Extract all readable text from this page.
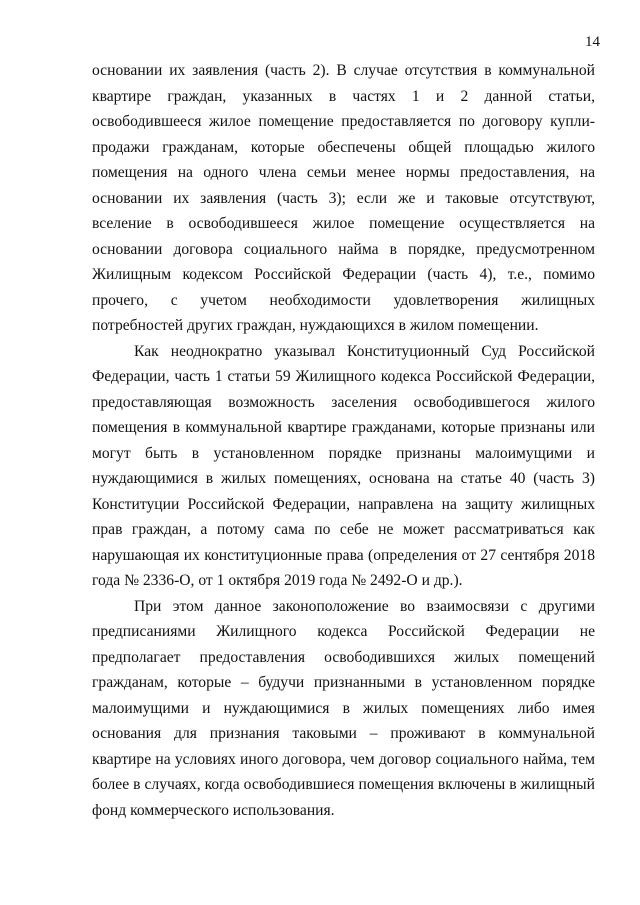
14

основании их заявления (часть 2). В случае отсутствия в коммунальной квартире граждан, указанных в частях 1 и 2 данной статьи, освободившееся жилое помещение предоставляется по договору купли-продажи гражданам, которые обеспечены общей площадью жилого помещения на одного члена семьи менее нормы предоставления, на основании их заявления (часть 3); если же и таковые отсутствуют, вселение в освободившееся жилое помещение осуществляется на основании договора социального найма в порядке, предусмотренном Жилищным кодексом Российской Федерации (часть 4), т.е., помимо прочего, с учетом необходимости удовлетворения жилищных потребностей других граждан, нуждающихся в жилом помещении.

Как неоднократно указывал Конституционный Суд Российской Федерации, часть 1 статьи 59 Жилищного кодекса Российской Федерации, предоставляющая возможность заселения освободившегося жилого помещения в коммунальной квартире гражданами, которые признаны или могут быть в установленном порядке признаны малоимущими и нуждающимися в жилых помещениях, основана на статье 40 (часть 3) Конституции Российской Федерации, направлена на защиту жилищных прав граждан, а потому сама по себе не может рассматриваться как нарушающая их конституционные права (определения от 27 сентября 2018 года № 2336-О, от 1 октября 2019 года № 2492-О и др.).

При этом данное законоположение во взаимосвязи с другими предписаниями Жилищного кодекса Российской Федерации не предполагает предоставления освободившихся жилых помещений гражданам, которые – будучи признанными в установленном порядке малоимущими и нуждающимися в жилых помещениях либо имея основания для признания таковыми – проживают в коммунальной квартире на условиях иного договора, чем договор социального найма, тем более в случаях, когда освободившиеся помещения включены в жилищный фонд коммерческого использования.
